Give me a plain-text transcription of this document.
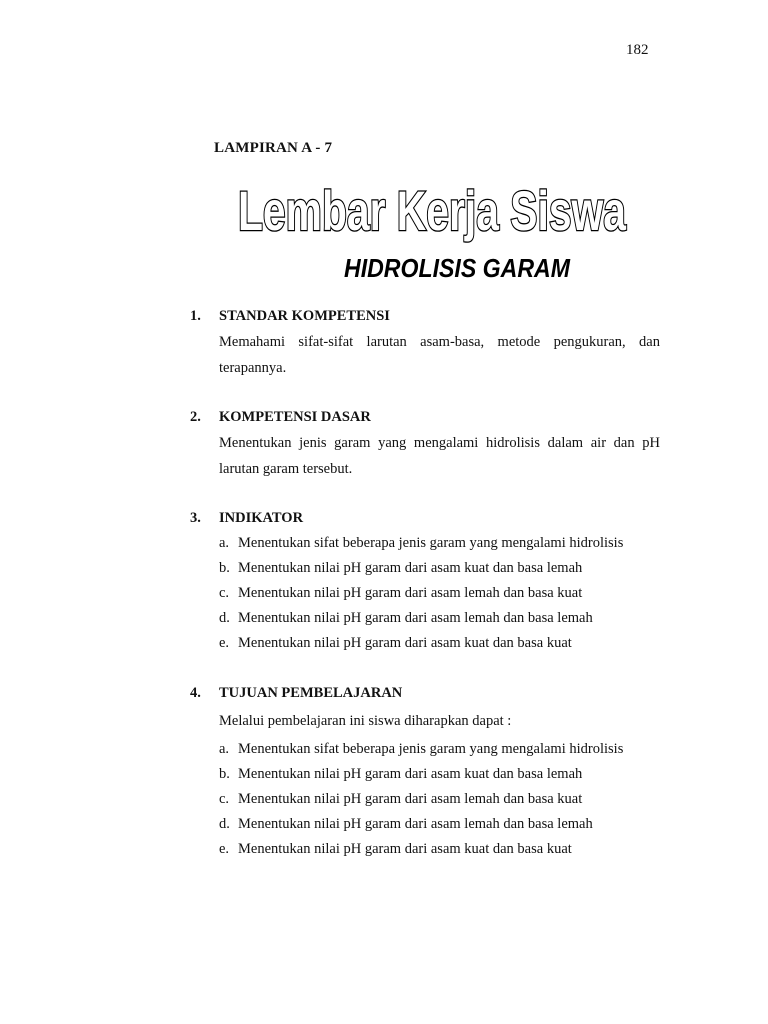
182
LAMPIRAN A - 7
Lembar Kerja Siswa
HIDROLISIS GARAM
1.	STANDAR KOMPETENSI
Memahami sifat-sifat larutan asam-basa, metode pengukuran, dan
terapannya.
2.	KOMPETENSI DASAR
Menentukan jenis garam yang mengalami hidrolisis dalam air dan pH
larutan garam tersebut.
3.	INDIKATOR
a. Menentukan sifat beberapa jenis garam yang mengalami hidrolisis
b. Menentukan nilai pH garam dari asam kuat dan basa lemah
c. Menentukan nilai pH garam dari asam lemah dan basa kuat
d. Menentukan nilai pH garam dari asam lemah dan basa lemah
e. Menentukan nilai pH garam dari asam kuat dan basa kuat
4.	TUJUAN PEMBELAJARAN
Melalui pembelajaran ini siswa diharapkan dapat :
a. Menentukan sifat beberapa jenis garam yang mengalami hidrolisis
b. Menentukan nilai pH garam dari asam kuat dan basa lemah
c. Menentukan nilai pH garam dari asam lemah dan basa kuat
d. Menentukan nilai pH garam dari asam lemah dan basa lemah
e. Menentukan nilai pH garam dari asam kuat dan basa kuat
